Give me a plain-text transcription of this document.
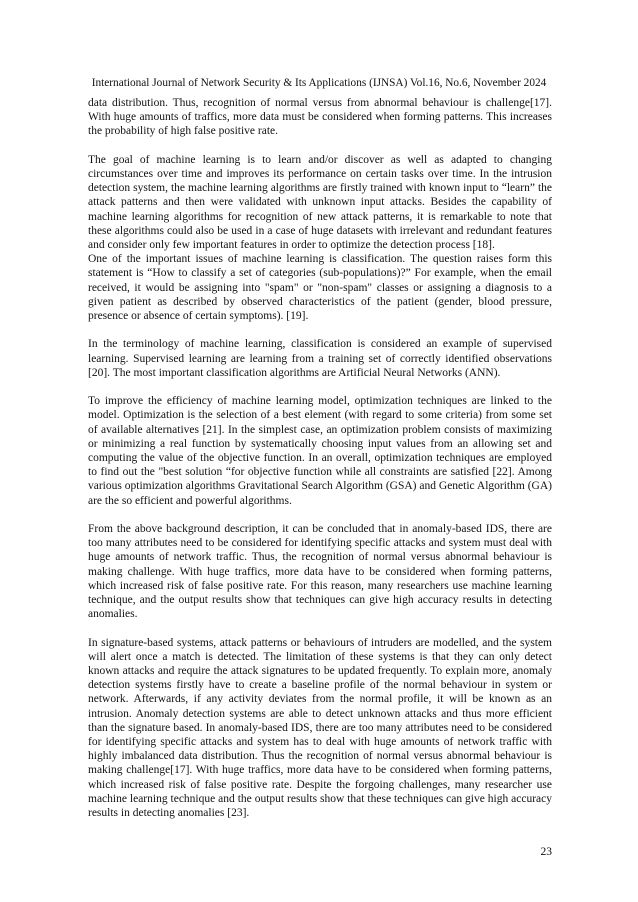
International Journal of Network Security & Its Applications (IJNSA) Vol.16, No.6, November 2024

data distribution. Thus, recognition of normal versus from abnormal behaviour is challenge[17]. With huge amounts of traffics, more data must be considered when forming patterns. This increases the probability of high false positive rate.

The goal of machine learning is to learn and/or discover as well as adapted to changing circumstances over time and improves its performance on certain tasks over time. In the intrusion detection system, the machine learning algorithms are firstly trained with known input to “learn” the attack patterns and then were validated with unknown input attacks. Besides the capability of machine learning algorithms for recognition of new attack patterns, it is remarkable to note that these algorithms could also be used in a case of huge datasets with irrelevant and redundant features and consider only few important features in order to optimize the detection process [18].

One of the important issues of machine learning is classification. The question raises form this statement is “How to classify a set of categories (sub-populations)?” For example, when the email received, it would be assigning into "spam" or "non-spam" classes or assigning a diagnosis to a given patient as described by observed characteristics of the patient (gender, blood pressure, presence or absence of certain symptoms). [19].

In the terminology of machine learning, classification is considered an example of supervised learning. Supervised learning are learning from a training set of correctly identified observations [20]. The most important classification algorithms are Artificial Neural Networks (ANN).

To improve the efficiency of machine learning model, optimization techniques are linked to the model. Optimization is the selection of a best element (with regard to some criteria) from some set of available alternatives [21]. In the simplest case, an optimization problem consists of maximizing or minimizing a real function by systematically choosing input values from an allowing set and computing the value of the objective function. In an overall, optimization techniques are employed to find out the "best solution “for objective function while all constraints are satisfied [22]. Among various optimization algorithms Gravitational Search Algorithm (GSA) and Genetic Algorithm (GA) are the so efficient and powerful algorithms.

From the above background description, it can be concluded that in anomaly-based IDS, there are too many attributes need to be considered for identifying specific attacks and system must deal with huge amounts of network traffic. Thus, the recognition of normal versus abnormal behaviour is making challenge. With huge traffics, more data have to be considered when forming patterns, which increased risk of false positive rate. For this reason, many researchers use machine learning technique, and the output results show that techniques can give high accuracy results in detecting anomalies.

In signature-based systems, attack patterns or behaviours of intruders are modelled, and the system will alert once a match is detected. The limitation of these systems is that they can only detect known attacks and require the attack signatures to be updated frequently. To explain more, anomaly detection systems firstly have to create a baseline profile of the normal behaviour in system or network. Afterwards, if any activity deviates from the normal profile, it will be known as an intrusion. Anomaly detection systems are able to detect unknown attacks and thus more efficient than the signature based. In anomaly-based IDS, there are too many attributes need to be considered for identifying specific attacks and system has to deal with huge amounts of network traffic with highly imbalanced data distribution. Thus the recognition of normal versus abnormal behaviour is making challenge[17]. With huge traffics, more data have to be considered when forming patterns, which increased risk of false positive rate. Despite the forgoing challenges, many researcher use machine learning technique and the output results show that these techniques can give high accuracy results in detecting anomalies [23].

23
